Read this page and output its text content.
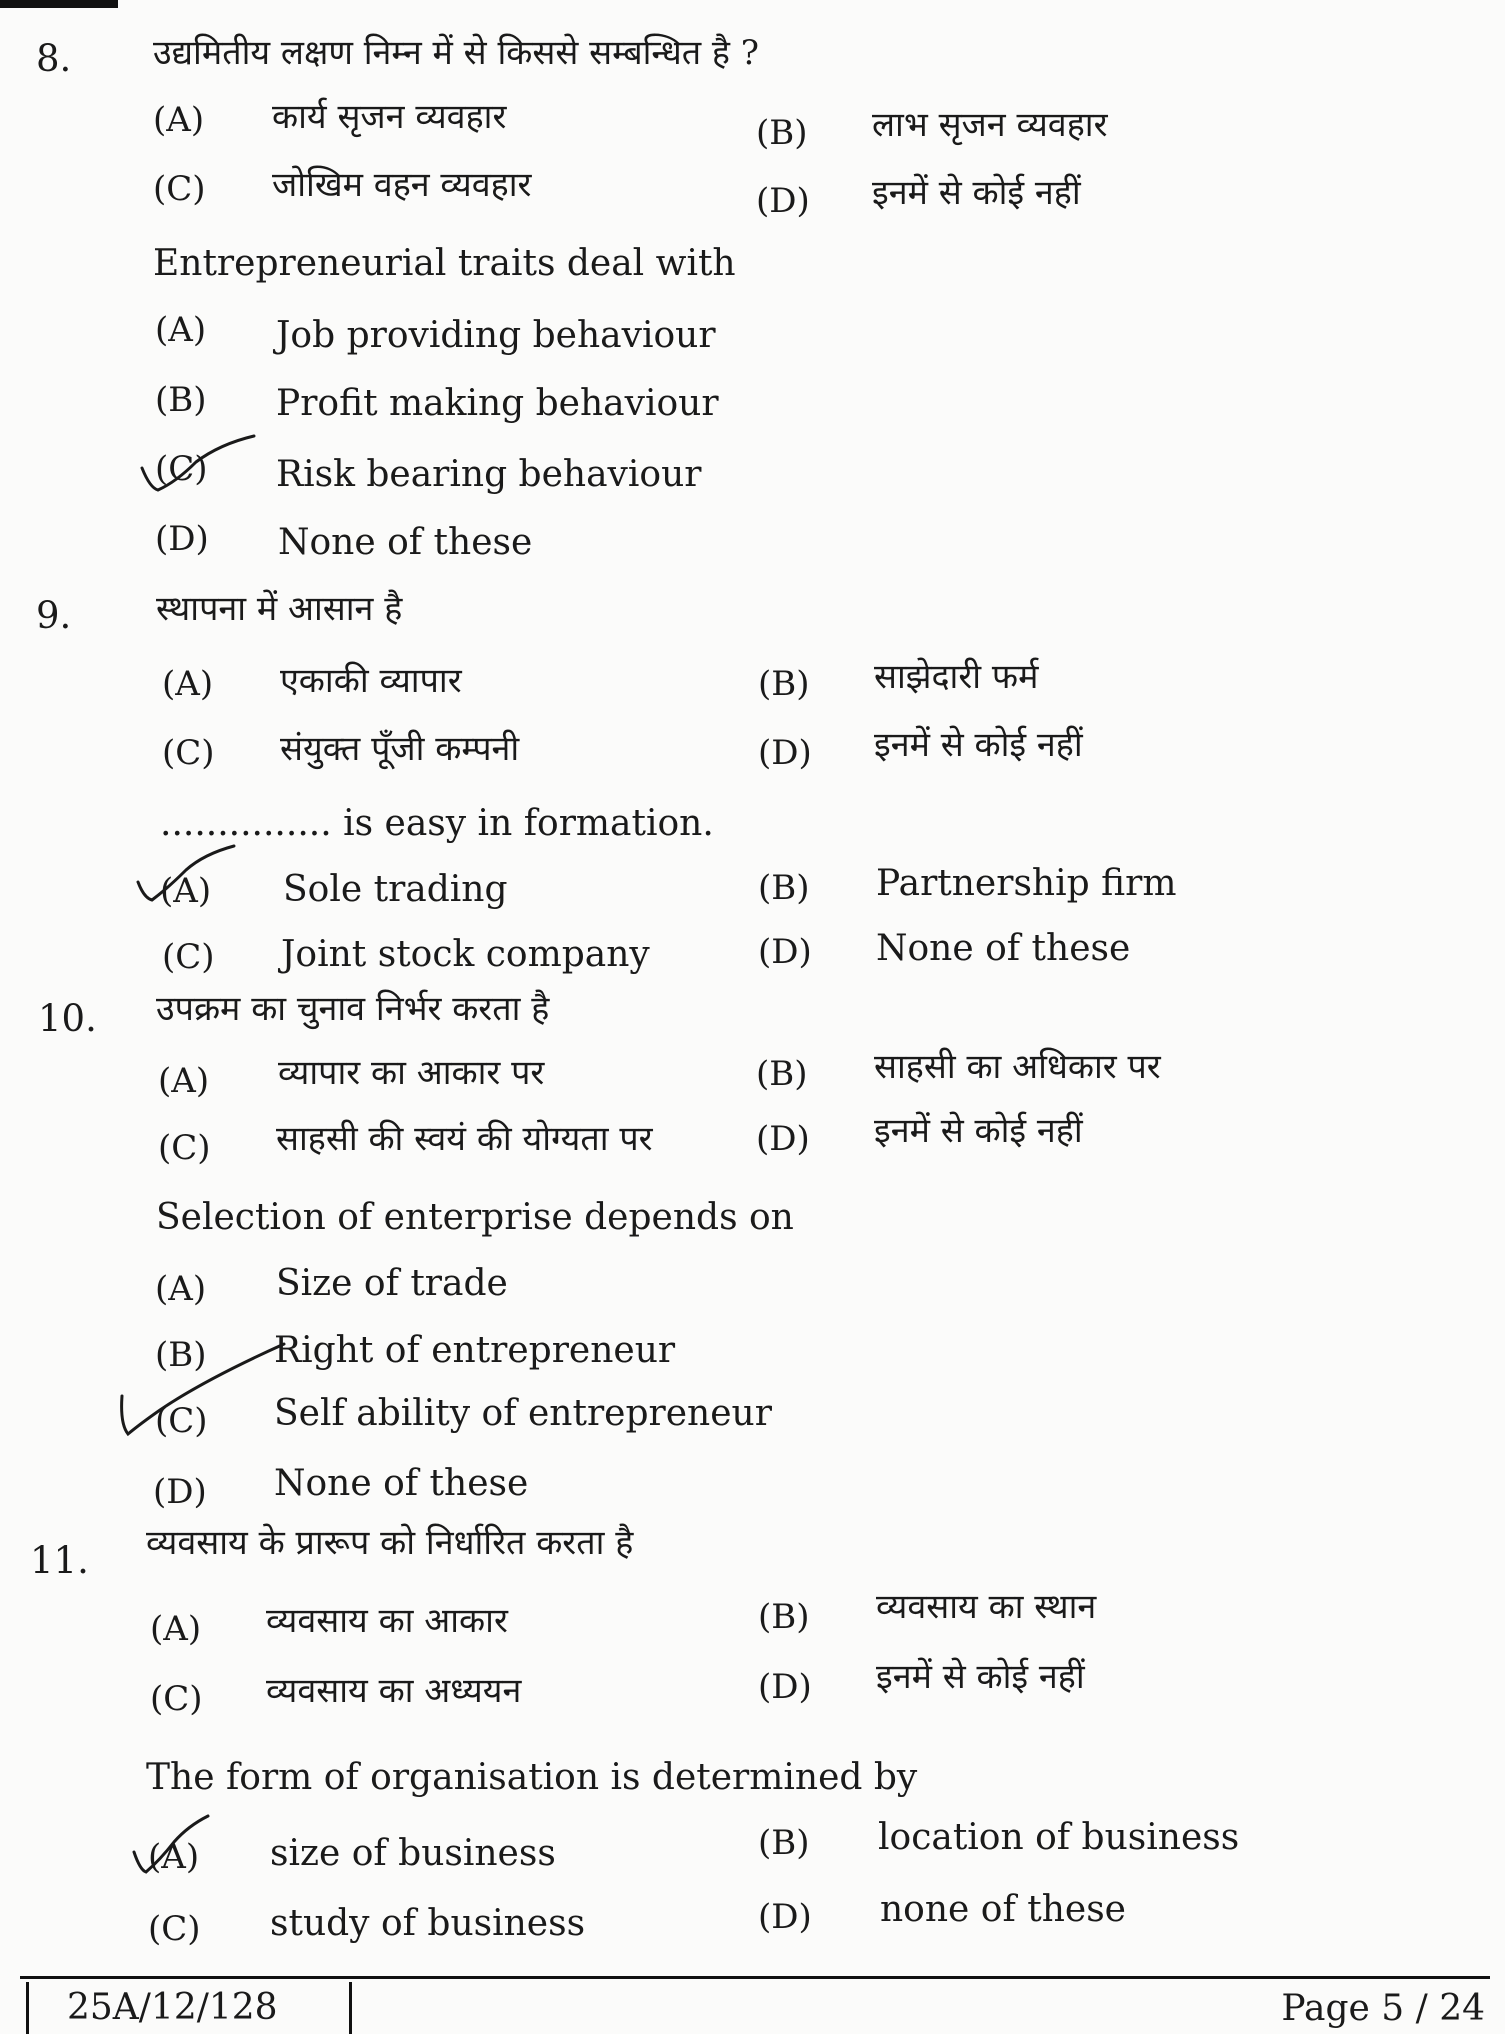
8. उद्यमितीय लक्षण निम्न में से किससे सम्बन्धित है ?
(A) कार्य सृजन व्यवहार	(B) लाभ सृजन व्यवहार
(C) जोखिम वहन व्यवहार	(D) इनमें से कोई नहीं
Entrepreneurial traits deal with
(A) Job providing behaviour
(B) Profit making behaviour
(C) Risk bearing behaviour
(D) None of these
9. स्थापना में आसान है
(A) एकाकी व्यापार	(B) साझेदारी फर्म
(C) संयुक्त पूँजी कम्पनी	(D) इनमें से कोई नहीं
............... is easy in formation.
(A) Sole trading	(B) Partnership firm
(C) Joint stock company	(D) None of these
10. उपक्रम का चुनाव निर्भर करता है
(A) व्यापार का आकार पर	(B) साहसी का अधिकार पर
(C) साहसी की स्वयं की योग्यता पर	(D) इनमें से कोई नहीं
Selection of enterprise depends on
(A) Size of trade
(B) Right of entrepreneur
(C) Self ability of entrepreneur
(D) None of these
11. व्यवसाय के प्रारूप को निर्धारित करता है
(A) व्यवसाय का आकार	(B) व्यवसाय का स्थान
(C) व्यवसाय का अध्ययन	(D) इनमें से कोई नहीं
The form of organisation is determined by
(A) size of business	(B) location of business
(C) study of business	(D) none of these
25A/12/128	Page 5 / 24
